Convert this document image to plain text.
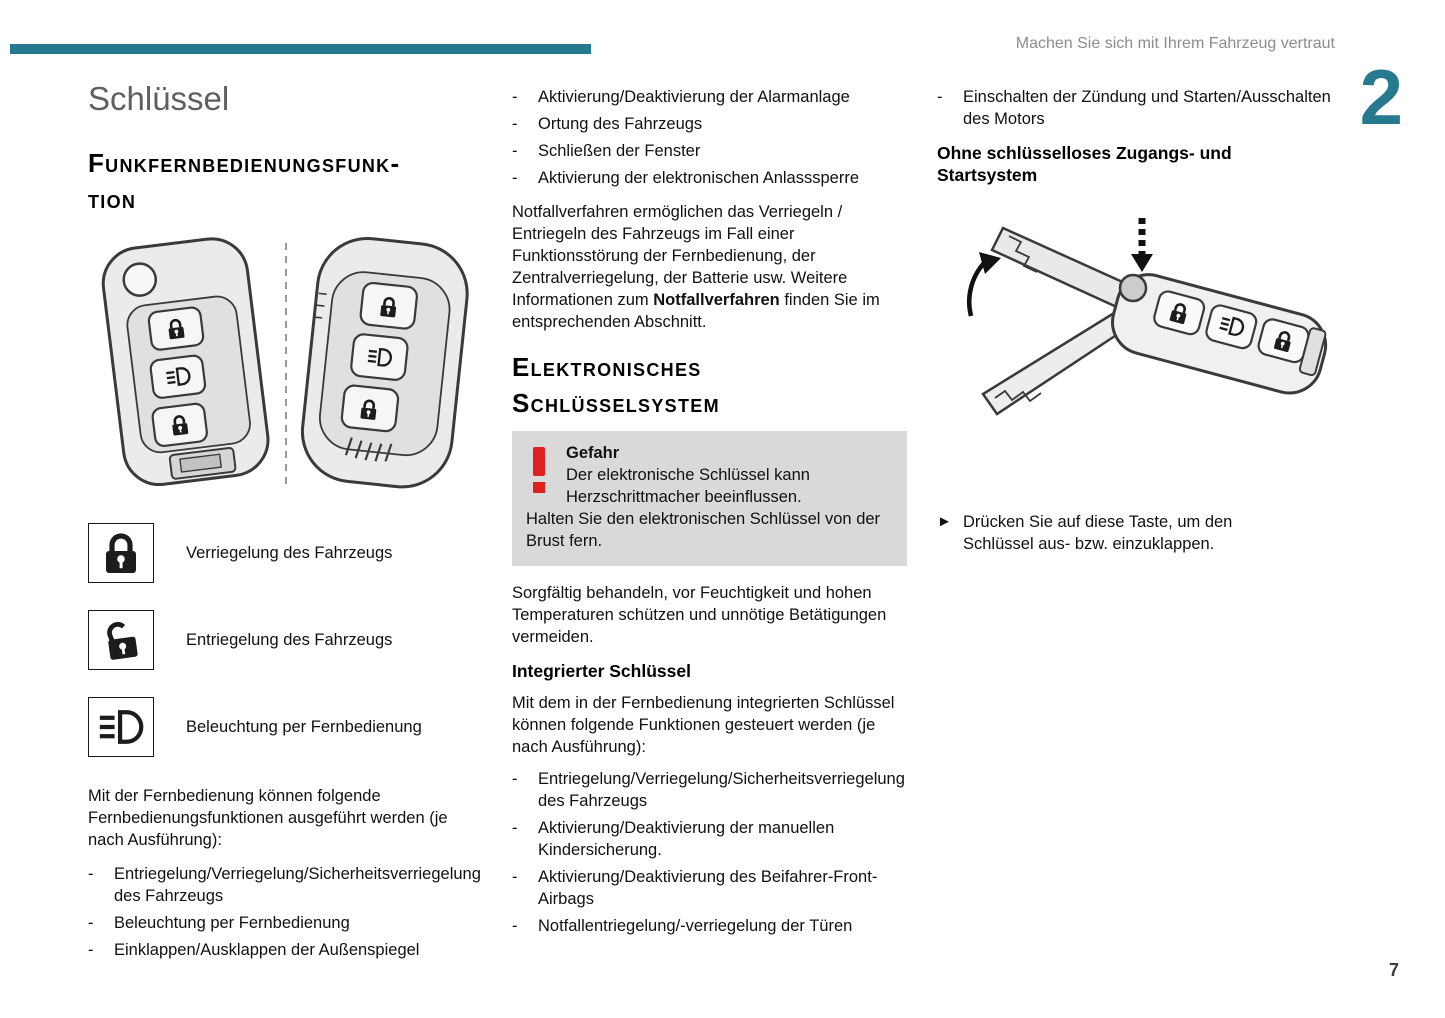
Machen Sie sich mit Ihrem Fahrzeug vertraut
2
Schlüssel
Funkfernbedienungsfunk-
tion
Verriegelung des Fahrzeugs
Entriegelung des Fahrzeugs
Beleuchtung per Fernbedienung

Mit der Fernbedienung können folgende Fernbedienungsfunktionen ausgeführt werden (je nach Ausführung):

-	Entriegelung/Verriegelung/​Sicherheitsverriegelung des Fahrzeugs
-	Beleuchtung per Fernbedienung
-	Einklappen/Ausklappen der Außenspiegel
-	Aktivierung/Deaktivierung der Alarmanlage
-	Ortung des Fahrzeugs
-	Schließen der Fenster
-	Aktivierung der elektronischen Anlasssperre

Notfallverfahren ermöglichen das Verriegeln / Entriegeln des Fahrzeugs im Fall einer Funktionsstörung der Fernbedienung, der Zentralverriegelung, der Batterie usw. Weitere Informationen zum Notfallverfahren finden Sie im entsprechenden Abschnitt.

Elektronisches
Schlüsselsystem
Gefahr
Der elektronische Schlüssel kann Herzschrittmacher beeinflussen.
Halten Sie den elektronischen Schlüssel von der Brust fern.

Sorgfältig behandeln, vor Feuchtigkeit und hohen Temperaturen schützen und unnötige Betätigungen vermeiden.

Integrierter Schlüssel

Mit dem in der Fernbedienung integrierten Schlüssel können folgende Funktionen gesteuert werden (je nach Ausführung):

-	Entriegelung/Verriegelung/​Sicherheitsverriegelung des Fahrzeugs
-	Aktivierung/Deaktivierung der manuellen Kindersicherung.
-	Aktivierung/Deaktivierung des Beifahrer-Front-Airbags
-	Notfallentriegelung/-verriegelung der Türen
-	Einschalten der Zündung und Starten/​Ausschalten des Motors
Ohne schlüsselloses Zugangs- und Startsystem
► Drücken Sie auf diese Taste, um den Schlüssel aus- bzw. einzuklappen.
7
